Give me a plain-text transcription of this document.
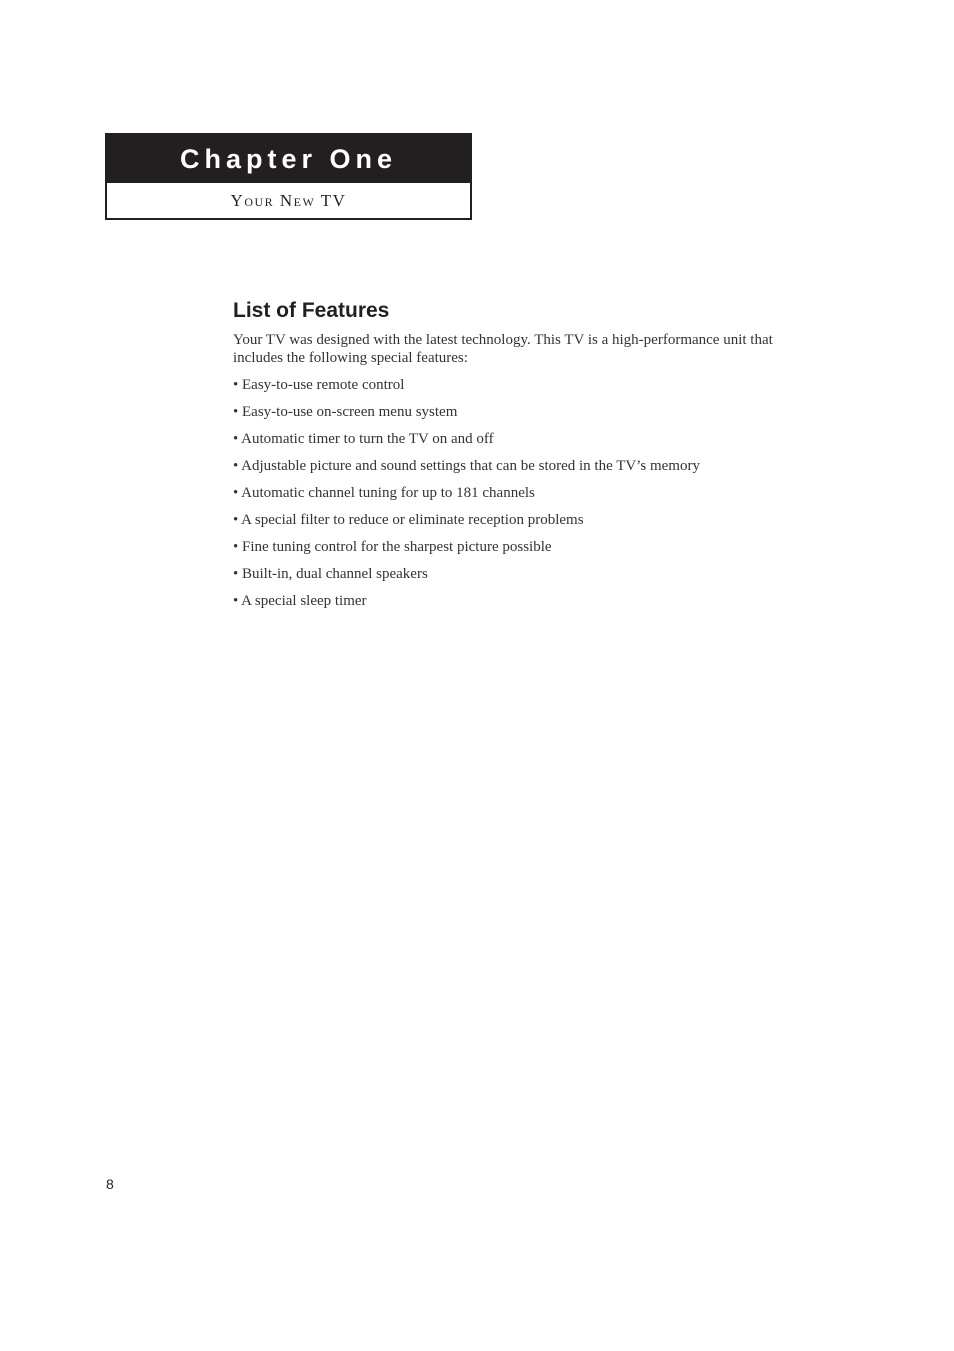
Chapter One
Your New TV
List of Features

Your TV was designed with the latest technology. This TV is a high-performance unit that includes the following special features:

• Easy-to-use remote control
• Easy-to-use on-screen menu system
• Automatic timer to turn the TV on and off
• Adjustable picture and sound settings that can be stored in the TV’s memory
• Automatic channel tuning for up to 181 channels
• A special filter to reduce or eliminate reception problems
• Fine tuning control for the sharpest picture possible
• Built-in, dual channel speakers
• A special sleep timer
8
